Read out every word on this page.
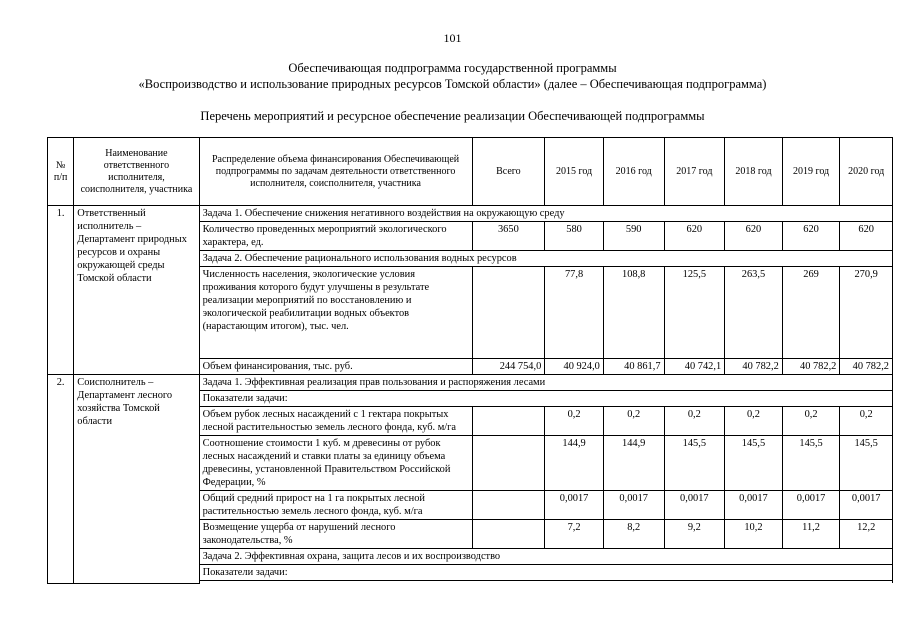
101
Обеспечивающая подпрограмма государственной программы
«Воспроизводство и использование природных ресурсов Томской области» (далее – Обеспечивающая подпрограмма)
Перечень мероприятий и ресурсное обеспечение реализации Обеспечивающей подпрограммы
№ п/п	Наименование ответственного исполнителя, соисполнителя, участника	Распределение объема финансирования Обеспечивающей подпрограммы по задачам деятельности ответственного исполнителя, соисполнителя, участника	Всего	2015 год	2016 год	2017 год	2018 год	2019 год	2020 год
1.	Ответственный исполнитель – Департамент природных ресурсов и охраны окружающей среды Томской области	Задача 1. Обеспечение снижения негативного воздействия на окружающую среду							
		Количество проведенных мероприятий экологического характера, ед.	3650	580	590	620	620	620	620
		Задача 2. Обеспечение рационального использования водных ресурсов							
		Численность населения, экологические условия проживания которого будут улучшены в результате реализации мероприятий по восстановлению и экологической реабилитации водных объектов (нарастающим итогом), тыс. чел.		77,8	108,8	125,5	263,5	269	270,9
		Объем финансирования, тыс. руб.	244 754,0	40 924,0	40 861,7	40 742,1	40 782,2	40 782,2	40 782,2
2.	Соисполнитель – Департамент лесного хозяйства Томской области	Задача 1. Эффективная реализация прав пользования и распоряжения лесами							
		Показатели задачи:							
		Объем рубок лесных насаждений с 1 гектара покрытых лесной растительностью земель лесного фонда, куб. м/га		0,2	0,2	0,2	0,2	0,2	0,2
		Соотношение стоимости 1 куб. м древесины от рубок лесных насаждений и ставки платы за единицу объема древесины, установленной Правительством Российской Федерации, %		144,9	144,9	145,5	145,5	145,5	145,5
		Общий средний прирост на 1 га покрытых лесной растительностью земель лесного фонда, куб. м/га		0,0017	0,0017	0,0017	0,0017	0,0017	0,0017
		Возмещение ущерба от нарушений лесного законодательства, %		7,2	8,2	9,2	10,2	11,2	12,2
		Задача 2. Эффективная охрана, защита лесов и их воспроизводство							
		Показатели задачи:							
